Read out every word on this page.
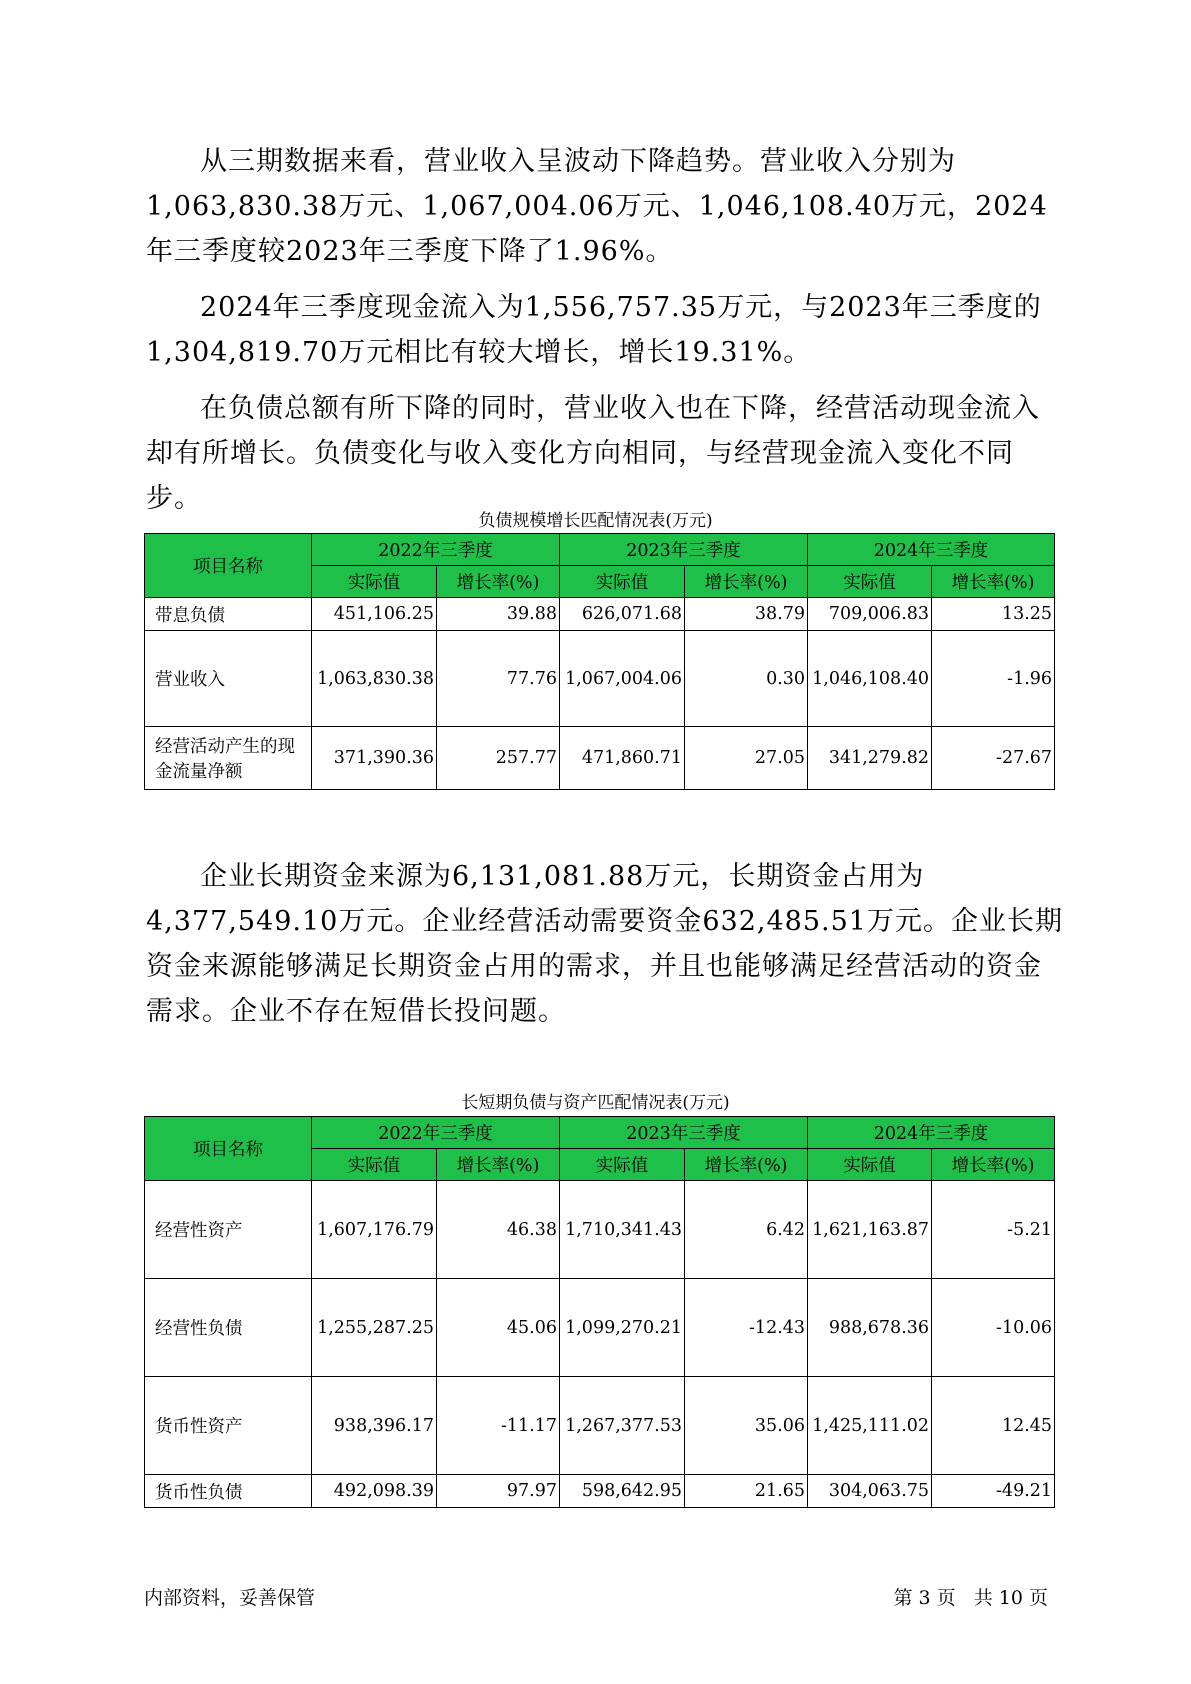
从三期数据来看，营业收入呈波动下降趋势。营业收入分别为1,063,830.38万元、1,067,004.06万元、1,046,108.40万元，2024年三季度较2023年三季度下降了1.96%。

2024年三季度现金流入为1,556,757.35万元，与2023年三季度的1,304,819.70万元相比有较大增长，增长19.31%。

在负债总额有所下降的同时，营业收入也在下降，经营活动现金流入却有所增长。负债变化与收入变化方向相同，与经营现金流入变化不同步。

负债规模增长匹配情况表(万元)

项目名称	2022年三季度		2023年三季度		2024年三季度	
	实际值	增长率(%)	实际值	增长率(%)	实际值	增长率(%)
带息负债	451,106.25	39.88	626,071.68	38.79	709,006.83	13.25
营业收入	1,063,830.38	77.76	1,067,004.06	0.30	1,046,108.40	-1.96
经营活动产生的现金流量净额	371,390.36	257.77	471,860.71	27.05	341,279.82	-27.67

企业长期资金来源为6,131,081.88万元，长期资金占用为4,377,549.10万元。企业经营活动需要资金632,485.51万元。企业长期资金来源能够满足长期资金占用的需求，并且也能够满足经营活动的资金需求。企业不存在短借长投问题。

长短期负债与资产匹配情况表(万元)

项目名称	2022年三季度		2023年三季度		2024年三季度	
	实际值	增长率(%)	实际值	增长率(%)	实际值	增长率(%)
经营性资产	1,607,176.79	46.38	1,710,341.43	6.42	1,621,163.87	-5.21
经营性负债	1,255,287.25	45.06	1,099,270.21	-12.43	988,678.36	-10.06
货币性资产	938,396.17	-11.17	1,267,377.53	35.06	1,425,111.02	12.45
货币性负债	492,098.39	97.97	598,642.95	21.65	304,063.75	-49.21
内部资料，妥善保管	第 3 页   共 10 页
